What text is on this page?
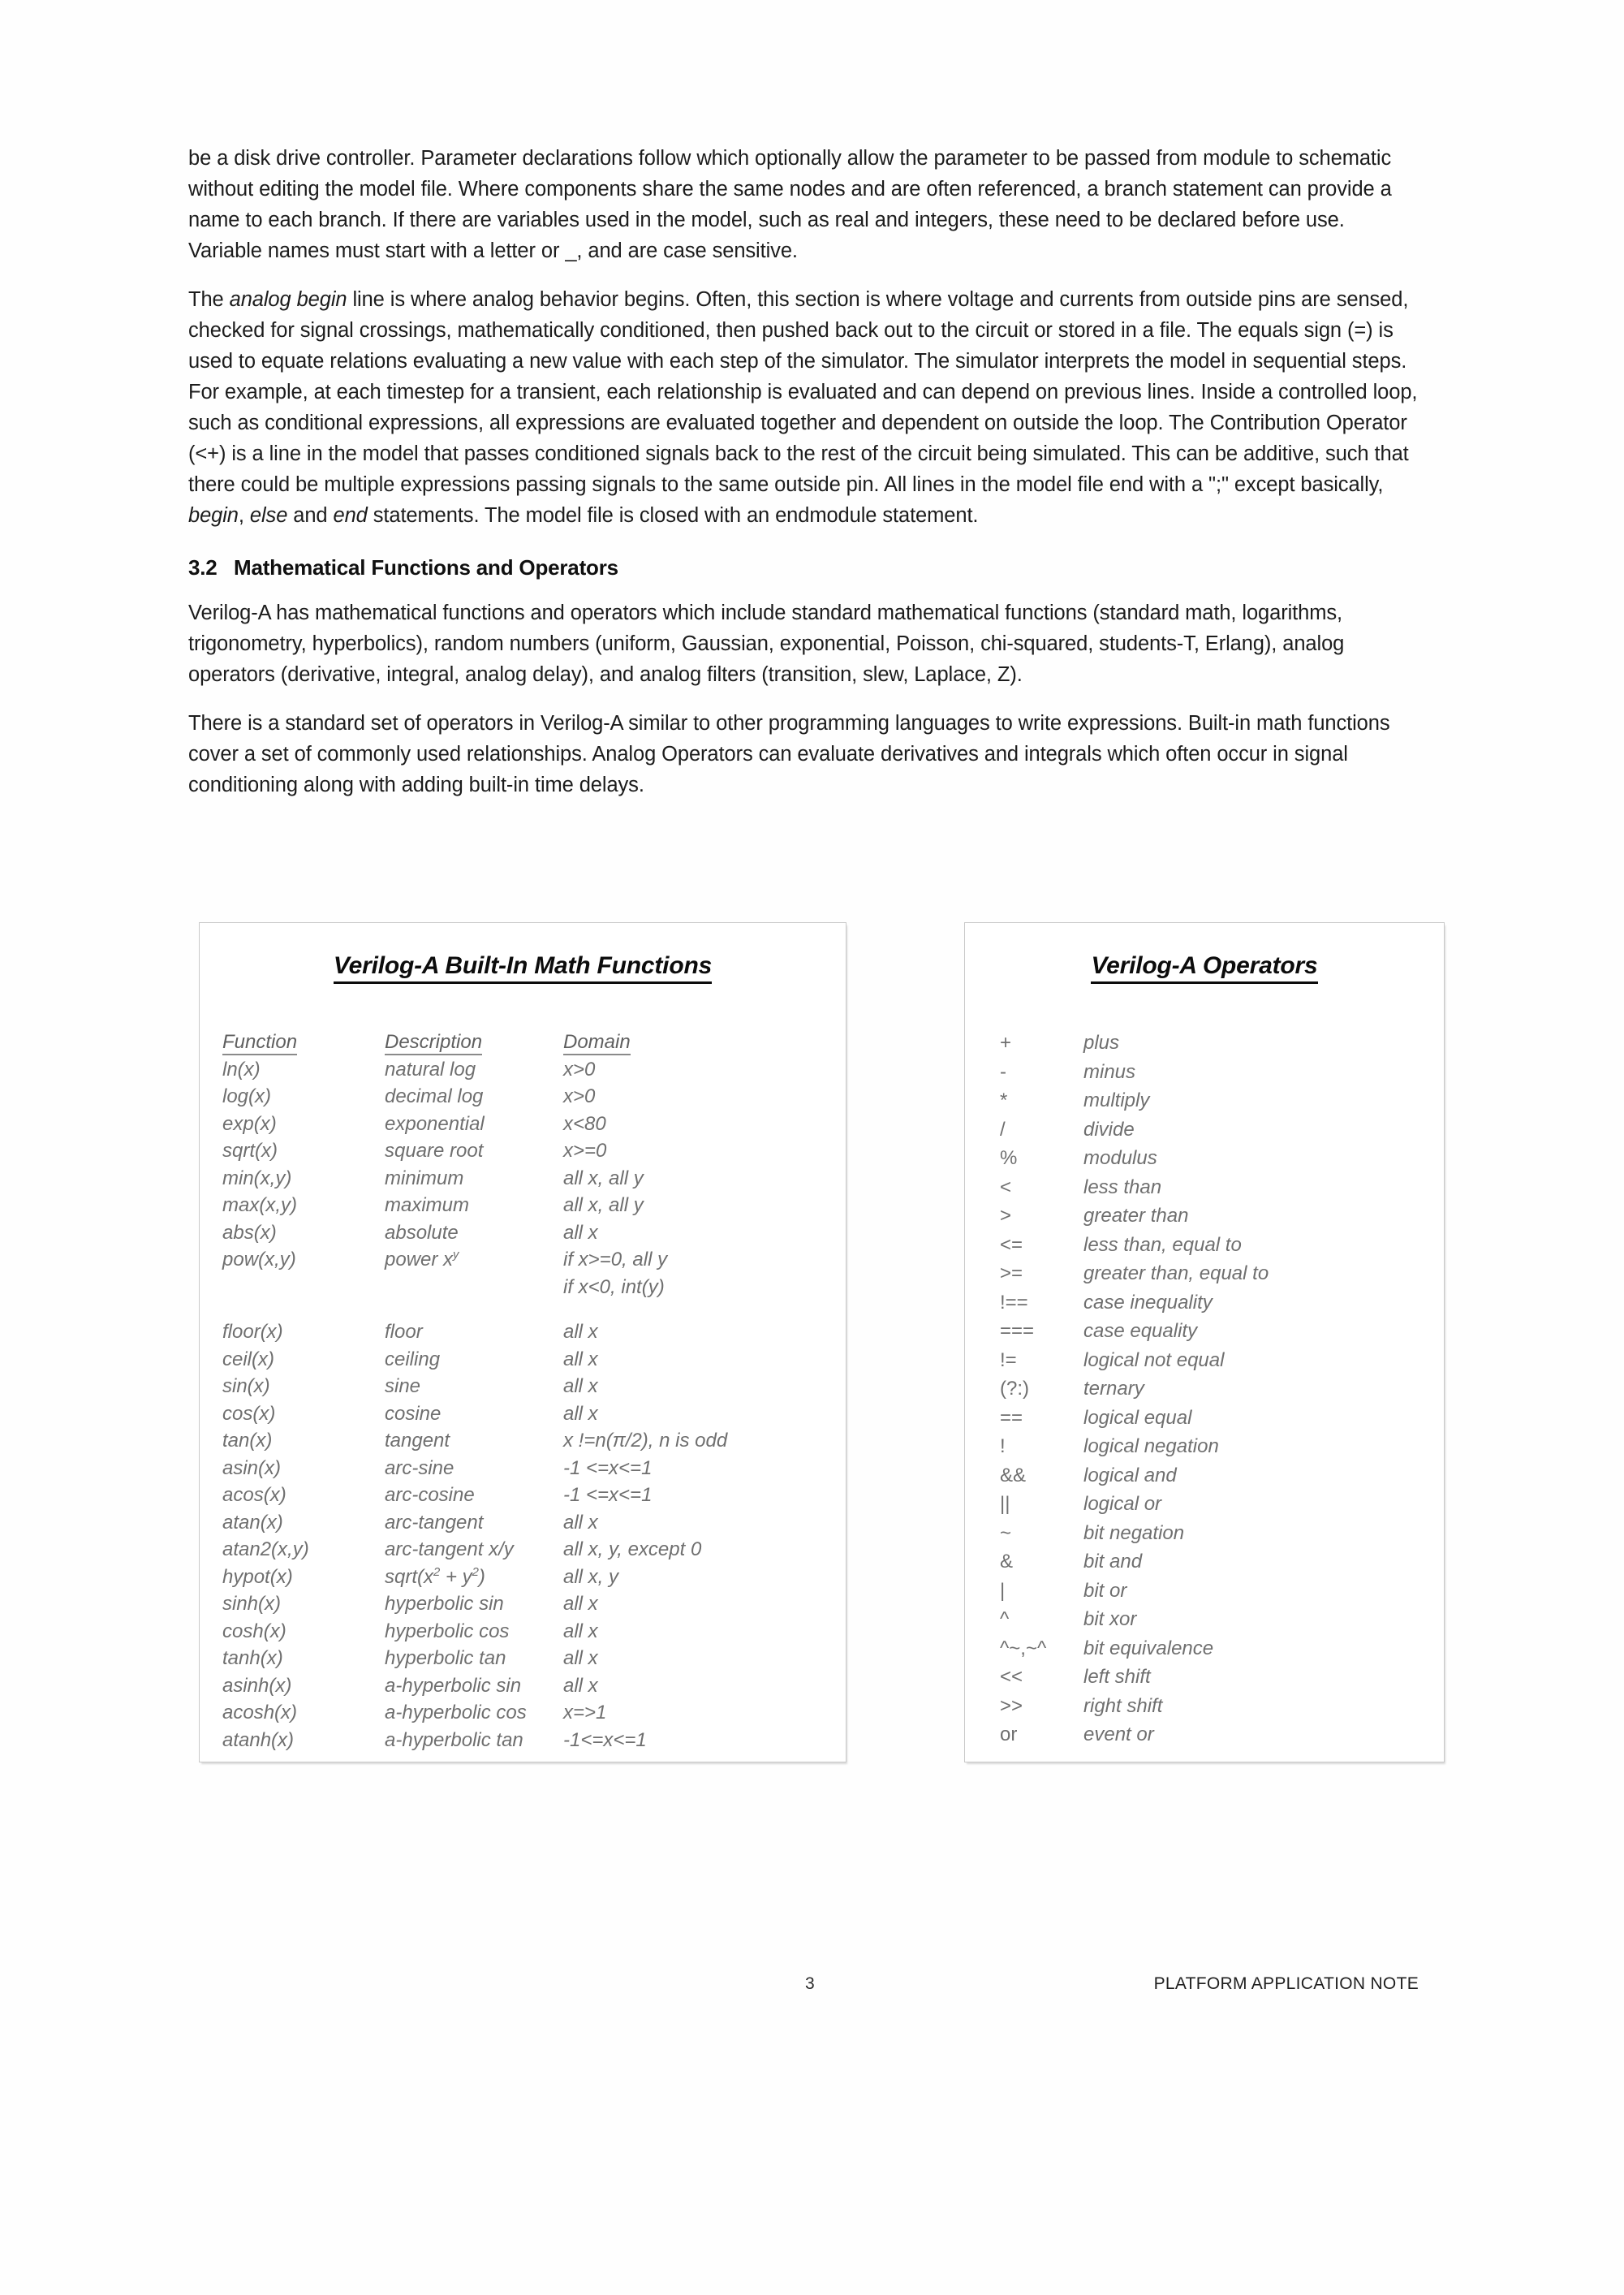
be a disk drive controller. Parameter declarations follow which optionally allow the parameter to be passed from module to schematic without editing the model file. Where components share the same nodes and are often referenced, a branch statement can provide a name to each branch. If there are variables used in the model, such as real and integers, these need to be declared before use. Variable names must start with a letter or _, and are case sensitive.

The analog begin line is where analog behavior begins. Often, this section is where voltage and currents from outside pins are sensed, checked for signal crossings, mathematically conditioned, then pushed back out to the circuit or stored in a file. The equals sign (=) is used to equate relations evaluating a new value with each step of the simulator. The simulator interprets the model in sequential steps. For example, at each timestep for a transient, each relationship is evaluated and can depend on previous lines. Inside a controlled loop, such as conditional expressions, all expressions are evaluated together and dependent on outside the loop. The Contribution Operator (<+) is a line in the model that passes conditioned signals back to the rest of the circuit being simulated. This can be additive, such that there could be multiple expressions passing signals to the same outside pin. All lines in the model file end with a ";" except basically, begin, else and end statements. The model file is closed with an endmodule statement.

3.2 Mathematical Functions and Operators

Verilog-A has mathematical functions and operators which include standard mathematical functions (standard math, logarithms, trigonometry, hyperbolics), random numbers (uniform, Gaussian, exponential, Poisson, chi-squared, students-T, Erlang), analog operators (derivative, integral, analog delay), and analog filters (transition, slew, Laplace, Z).

There is a standard set of operators in Verilog-A similar to other programming languages to write expressions. Built-in math functions cover a set of commonly used relationships. Analog Operators can evaluate derivatives and integrals which often occur in signal conditioning along with adding built-in time delays.

Verilog-A Built-In Math Functions
Function	Description	Domain
ln(x)	natural log	x>0
log(x)	decimal log	x>0
exp(x)	exponential	x<80
sqrt(x)	square root	x>=0
min(x,y)	minimum	all x, all y
max(x,y)	maximum	all x, all y
abs(x)	absolute	all x
pow(x,y)	power $x^y$	if x>=0, all y
		if x<0, int(y)

floor(x)	floor	all x
ceil(x)	ceiling	all x
sin(x)	sine	all x
cos(x)	cosine	all x
tan(x)	tangent	x !=n(π/2), n is odd
asin(x)	arc-sine	-1 <=x<=1
acos(x)	arc-cosine	-1 <=x<=1
atan(x)	arc-tangent	all x
atan2(x,y)	arc-tangent x/y	all x, y, except 0
hypot(x)	$sqrt(x^2 + y^2)$	all x, y
sinh(x)	hyperbolic sin	all x
cosh(x)	hyperbolic cos	all x
tanh(x)	hyperbolic tan	all x
asinh(x)	a-hyperbolic sin	all x
acosh(x)	a-hyperbolic cos	x=>1
atanh(x)	a-hyperbolic tan	-1<=x<=1
Verilog-A Operators
+	plus
-	minus
*	multiply
/	divide
%	modulus
<	less than
>	greater than
<=	less than, equal to
>=	greater than, equal to
!==	case inequality
===	case equality
!=	logical not equal
(?:)	ternary
==	logical equal
!	logical negation
&&	logical and
||	logical or
~	bit negation
&	bit and
|	bit or
^	bit xor
^~,~^	bit equivalence
<<	left shift
>>	right shift
or	event or
3	PLATFORM APPLICATION NOTE
